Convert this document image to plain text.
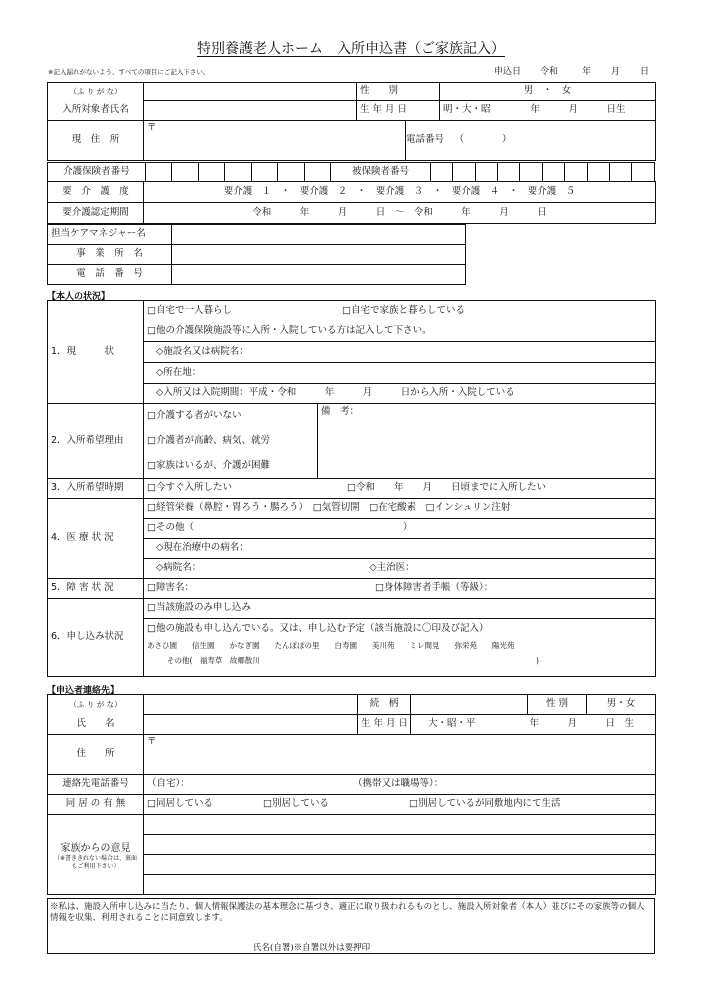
特別養護老人ホーム　入所申込書（ご家族記入）
※記入漏れがないよう、すべての項目にご記入下さい。	申込日 令和	年 月 日
（ふ り が な）		性　　別		男　・　女
入所対象者氏名		生 年 月 日		明・大・昭 年　　　月　　　日生
現　住　所	〒		電話番号	（　　　　）
介護保険者番号								被保険者番号										
要　介　護　度	要介護　１　・　要介護　２　・　要介護　３　・　要介護　４　・　要介護　５
要介護認定期間	令和　　　年　　　月　　　日　～　令和　　　年　　　月　　　日
担当ケアマネジャー名	
事　業　所　名	
電　話　番　号	
【本人の状況】
1．現　　　状	□自宅で一人暮らし □自宅で家族と暮らしている	
	□他の介護保険施設等に入所・入院している方は記入して下さい。	
	◇施設名又は病院名：	
	◇所在地：	
	◇入所又は入院期間：平成・令和　　　年　　　月　　　日から入所・入院している	
2．入所希望理由	□介護する者がいない	備　考：
	□介護者が高齢、病気、就労	
	□家族はいるが、介護が困難	
3．入所希望時期	□今すぐ入所したい □令和　　年　　月　　日頃までに入所したい	
4．医 療 状 況	□経管栄養（鼻腔・胃ろう・腸ろう）　□気管切開　□在宅酸素　□インシュリン注射	
	□その他（　　　　　　　　　　　　　　　　　　　　　　）	
	◇現在治療中の病名：	
	◇病院名： ◇主治医：	
5．障 害 状 況	□障害名： □身体障害者手帳（等級）：	
6．申し込み状況	□当該施設のみ申し込み	
	□他の施設も申し込んでいる。又は、申し込む予定（該当施設に〇印及び記入）	

	あさひ園　　信生園　　かなぎ園　　たんぽぽの里　　白寿園　　美川苑　　ミレ間見　　弥栄苑　　陽光苑
その他(　福寿草　故郷散川 )	
【申込者連絡先】
（ふ り が な）		続　柄		性 別	男・女
氏　　名		生 年 月 日	大・昭・平 年　　　月　　　日　生		
住　　所	〒				
連絡先電話番号	（自宅）： （携帯又は職場等）：				
同 居 の 有 無	□同居している □別居している □別居しているが同敷地内にて生活				

家族からの意見
（※書ききれない場合は、裏面もご利用下さい）					

※私は、施設入所申し込みに当たり、個人情報保護法の基本理念に基づき、適正に取り扱われるものとし、施設入所対象者（本人）並びにその家族等の個人情報を収集、利用されることに同意致します。
氏名(自署)※自署以外は要押印
